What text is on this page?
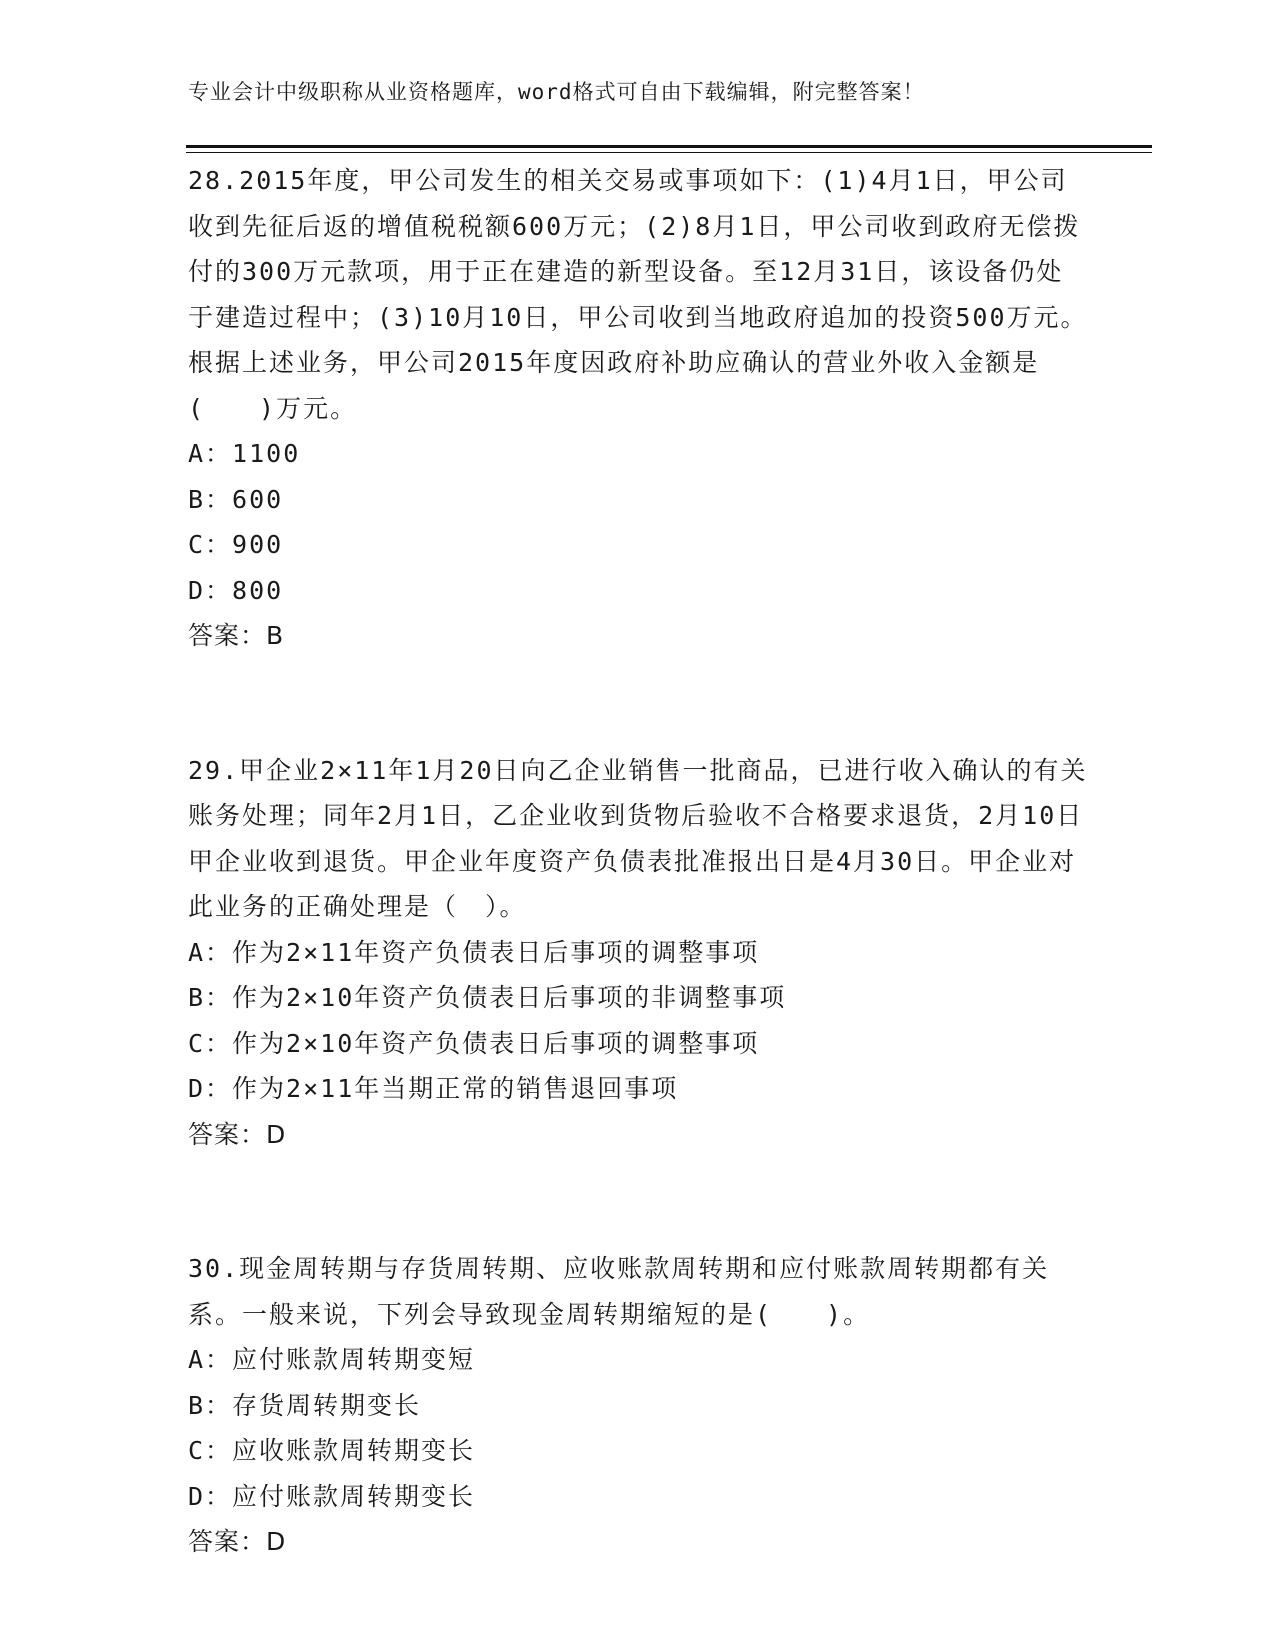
专业会计中级职称从业资格题库，word格式可自由下载编辑，附完整答案！

28.2015年度，甲公司发生的相关交易或事项如下：(1)4月1日，甲公司收到先征后返的增值税税额600万元；(2)8月1日，甲公司收到政府无偿拨付的300万元款项，用于正在建造的新型设备。至12月31日，该设备仍处于建造过程中；(3)10月10日，甲公司收到当地政府追加的投资500万元。根据上述业务，甲公司2015年度因政府补助应确认的营业外收入金额是(　　)万元。

A：1100

B：600

C：900

D：800

答案：B

29.甲企业2×11年1月20日向乙企业销售一批商品，已进行收入确认的有关账务处理；同年2月1日，乙企业收到货物后验收不合格要求退货，2月10日甲企业收到退货。甲企业年度资产负债表批准报出日是4月30日。甲企业对此业务的正确处理是（　）。

A：作为2×11年资产负债表日后事项的调整事项

B：作为2×10年资产负债表日后事项的非调整事项

C：作为2×10年资产负债表日后事项的调整事项

D：作为2×11年当期正常的销售退回事项

答案：D

30.现金周转期与存货周转期、应收账款周转期和应付账款周转期都有关系。一般来说，下列会导致现金周转期缩短的是(　　)。

A：应付账款周转期变短

B：存货周转期变长

C：应收账款周转期变长

D：应付账款周转期变长

答案：D
